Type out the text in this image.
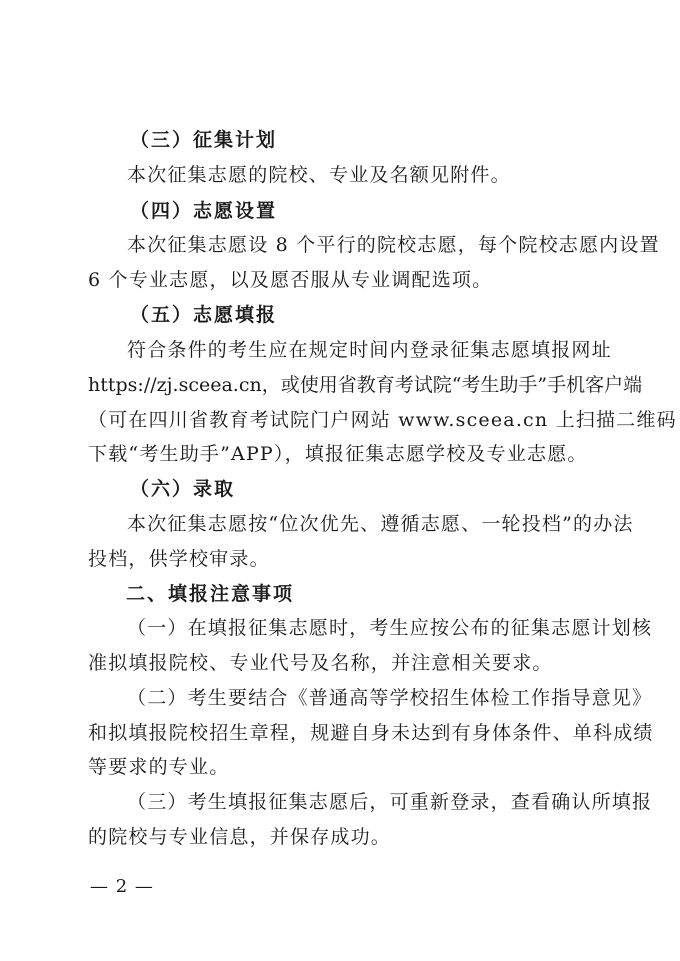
（三）征集计划
本次征集志愿的院校、专业及名额见附件。
（四）志愿设置
本次征集志愿设 8 个平行的院校志愿，每个院校志愿内设置
6 个专业志愿，以及愿否服从专业调配选项。
（五）志愿填报
符合条件的考生应在规定时间内登录征集志愿填报网址
https://zj.sceea.cn，或使用省教育考试院“考生助手”手机客户端
（可在四川省教育考试院门户网站 www.sceea.cn 上扫描二维码
下载“考生助手”APP），填报征集志愿学校及专业志愿。
（六）录取
本次征集志愿按“位次优先、遵循志愿、一轮投档”的办法
投档，供学校审录。
二、填报注意事项
（一）在填报征集志愿时，考生应按公布的征集志愿计划核
准拟填报院校、专业代号及名称，并注意相关要求。
（二）考生要结合《普通高等学校招生体检工作指导意见》
和拟填报院校招生章程，规避自身未达到有身体条件、单科成绩
等要求的专业。
（三）考生填报征集志愿后，可重新登录，查看确认所填报
的院校与专业信息，并保存成功。
— 2 —
